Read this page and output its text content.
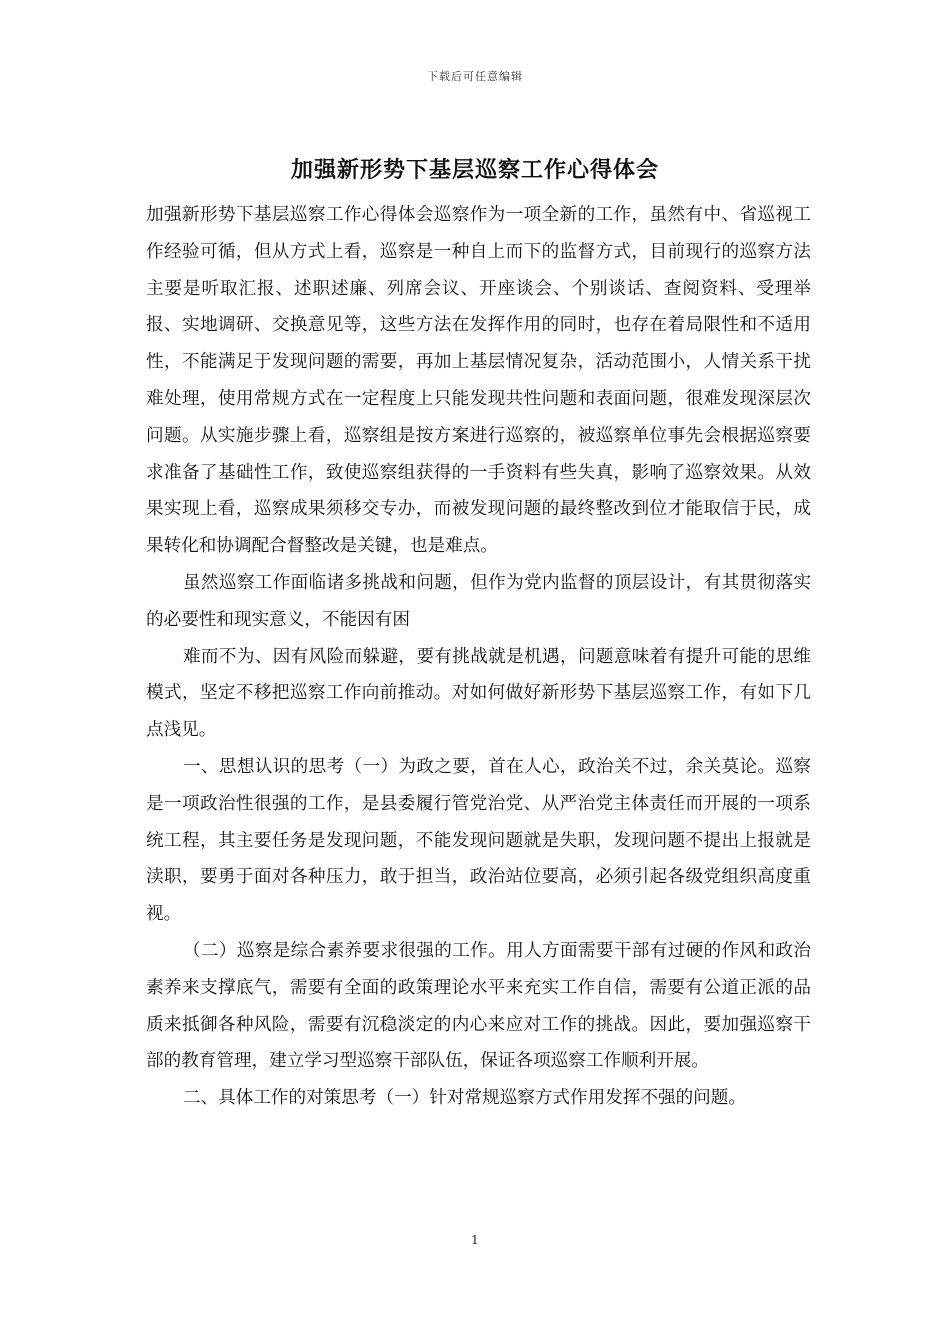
下载后可任意编辑
加强新形势下基层巡察工作心得体会

加强新形势下基层巡察工作心得体会巡察作为一项全新的工作，虽然有中、省巡视工作经验可循，但从方式上看，巡察是一种自上而下的监督方式，目前现行的巡察方法主要是听取汇报、述职述廉、列席会议、开座谈会、个别谈话、查阅资料、受理举报、实地调研、交换意见等，这些方法在发挥作用的同时，也存在着局限性和不适用性，不能满足于发现问题的需要，再加上基层情况复杂，活动范围小，人情关系干扰难处理，使用常规方式在一定程度上只能发现共性问题和表面问题，很难发现深层次问题。从实施步骤上看，巡察组是按方案进行巡察的，被巡察单位事先会根据巡察要求准备了基础性工作，致使巡察组获得的一手资料有些失真，影响了巡察效果。从效果实现上看，巡察成果须移交专办，而被发现问题的最终整改到位才能取信于民，成果转化和协调配合督整改是关键，也是难点。

虽然巡察工作面临诸多挑战和问题，但作为党内监督的顶层设计，有其贯彻落实的必要性和现实意义，不能因有困

难而不为、因有风险而躲避，要有挑战就是机遇，问题意味着有提升可能的思维模式，坚定不移把巡察工作向前推动。对如何做好新形势下基层巡察工作，有如下几点浅见。

一、思想认识的思考（一）为政之要，首在人心，政治关不过，余关莫论。巡察是一项政治性很强的工作，是县委履行管党治党、从严治党主体责任而开展的一项系统工程，其主要任务是发现问题，不能发现问题就是失职，发现问题不提出上报就是渎职，要勇于面对各种压力，敢于担当，政治站位要高，必须引起各级党组织高度重视。

（二）巡察是综合素养要求很强的工作。用人方面需要干部有过硬的作风和政治素养来支撑底气，需要有全面的政策理论水平来充实工作自信，需要有公道正派的品质来抵御各种风险，需要有沉稳淡定的内心来应对工作的挑战。因此，要加强巡察干部的教育管理，建立学习型巡察干部队伍，保证各项巡察工作顺利开展。

二、具体工作的对策思考（一）针对常规巡察方式作用发挥不强的问题。

1
